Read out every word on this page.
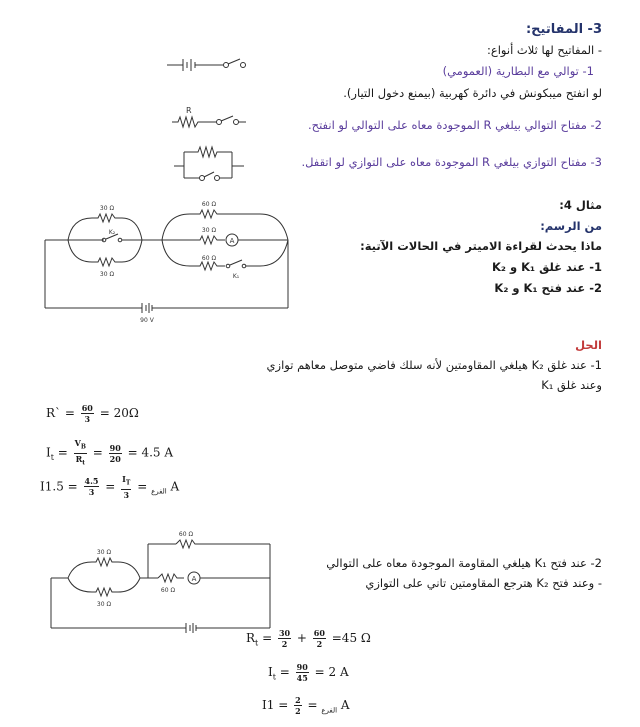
3- المفاتيح:
- المفاتيح لها ثلاث أنواع:
1- توالي مع البطارية (العمومي)
لو انفتح ميبكونش في دائرة كهربية (بيمنع دخول التيار).
2- مفتاح التوالي بيلغي R الموجودة معاه على التوالي لو انفتح.
3- مفتاح التوازي بيلغي R الموجودة معاه على التوازي لو اتقفل.
R
مثال 4:
من الرسم:
ماذا يحدث لقراءة الاميتر في الحالات الآتية:
1- عند غلق K₁ و K₂
2- عند فتح K₁ و K₂
A
30 Ω
30 Ω
K₂
60 Ω
30 Ω
60 Ω
K₁
90 V
الحل
1- عند غلق K₂ هيلغي المقاومتين لأنه سلك فاضي متوصل معاهم توازي
وعند غلق K₁
R` = $\frac{60}{3} = 20\Omega$
$I_t = \frac{V_B}{R_t} = \frac{90}{20} = 4.5$ A
I	$_{الفرع}$ =
$\frac{I_T}{3}$
=
$\frac{4.5}{3}$
= 1.5 A
A
60 Ω
30 Ω
30 Ω
60 Ω
2- عند فتح K₁ هيلغي المقاومة الموجودة معاه على التوالي
- وعند فتح K₂ هترجع المقاومتين تاني على التوازي
$R_t = \frac{30}{2} + \frac{60}{2} =45$ Ω
$I_t = \frac{90}{45} = 2$ A
I	$_{الفرع}$ =
$\frac{2}{2}$
= 1 A
